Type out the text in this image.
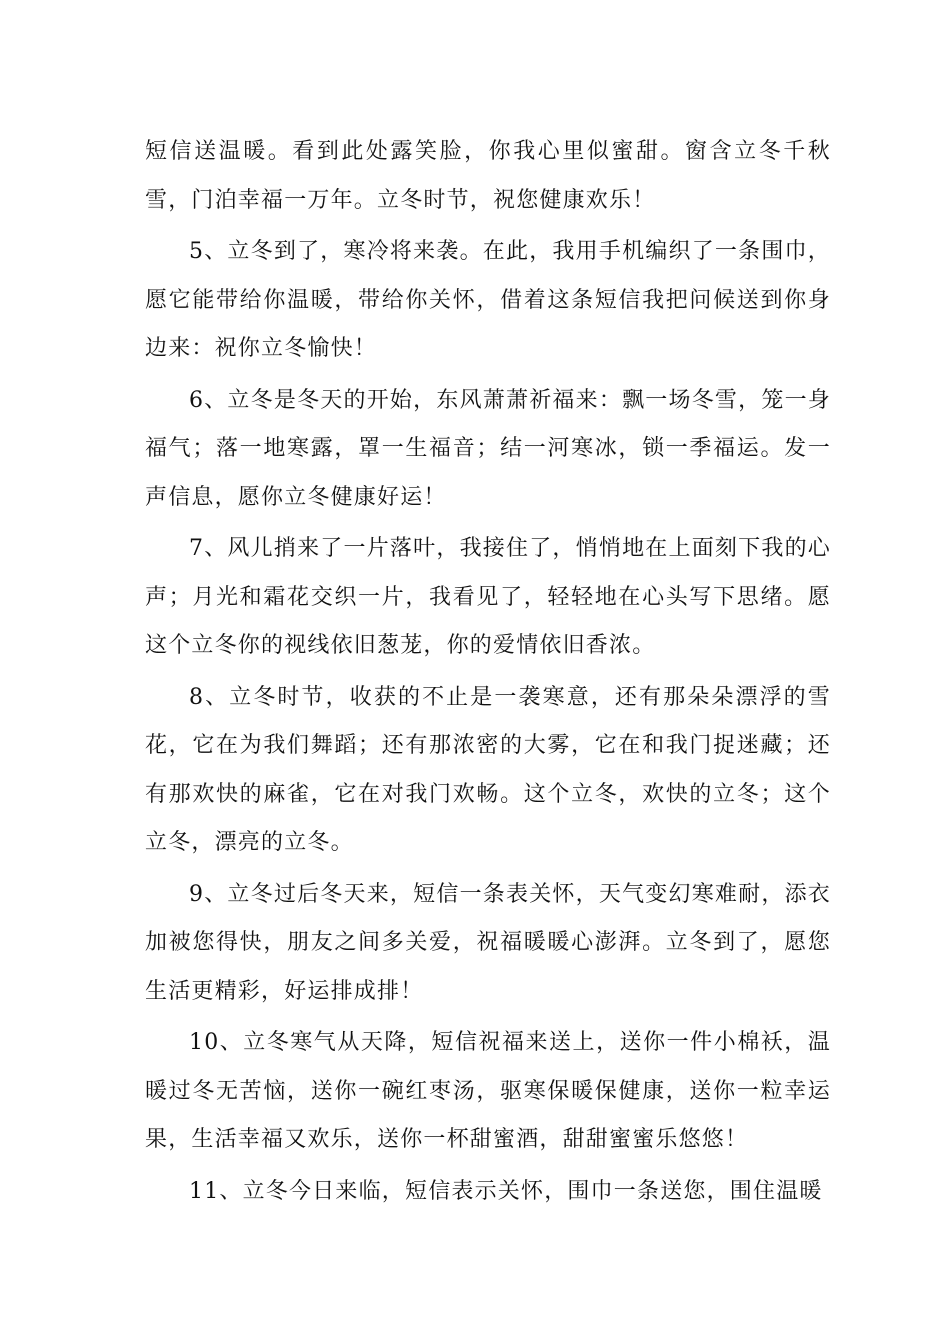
短信送温暖。看到此处露笑脸，你我心里似蜜甜。窗含立冬千秋雪，门泊幸福一万年。立冬时节，祝您健康欢乐！

5、立冬到了，寒冷将来袭。在此，我用手机编织了一条围巾，愿它能带给你温暖，带给你关怀，借着这条短信我把问候送到你身边来：祝你立冬愉快！

6、立冬是冬天的开始，东风萧萧祈福来：飘一场冬雪，笼一身福气；落一地寒露，罩一生福音；结一河寒冰，锁一季福运。发一声信息，愿你立冬健康好运！

7、风儿捎来了一片落叶，我接住了，悄悄地在上面刻下我的心声；月光和霜花交织一片，我看见了，轻轻地在心头写下思绪。愿这个立冬你的视线依旧葱茏，你的爱情依旧香浓。

8、立冬时节，收获的不止是一袭寒意，还有那朵朵漂浮的雪花，它在为我们舞蹈；还有那浓密的大雾，它在和我门捉迷藏；还有那欢快的麻雀，它在对我门欢畅。这个立冬，欢快的立冬；这个立冬，漂亮的立冬。

9、立冬过后冬天来，短信一条表关怀，天气变幻寒难耐，添衣加被您得快，朋友之间多关爱，祝福暖暖心澎湃。立冬到了，愿您生活更精彩，好运排成排！

10、立冬寒气从天降，短信祝福来送上，送你一件小棉袄，温暖过冬无苦恼，送你一碗红枣汤，驱寒保暖保健康，送你一粒幸运果，生活幸福又欢乐，送你一杯甜蜜酒，甜甜蜜蜜乐悠悠！

11、立冬今日来临，短信表示关怀，围巾一条送您，围住温暖
